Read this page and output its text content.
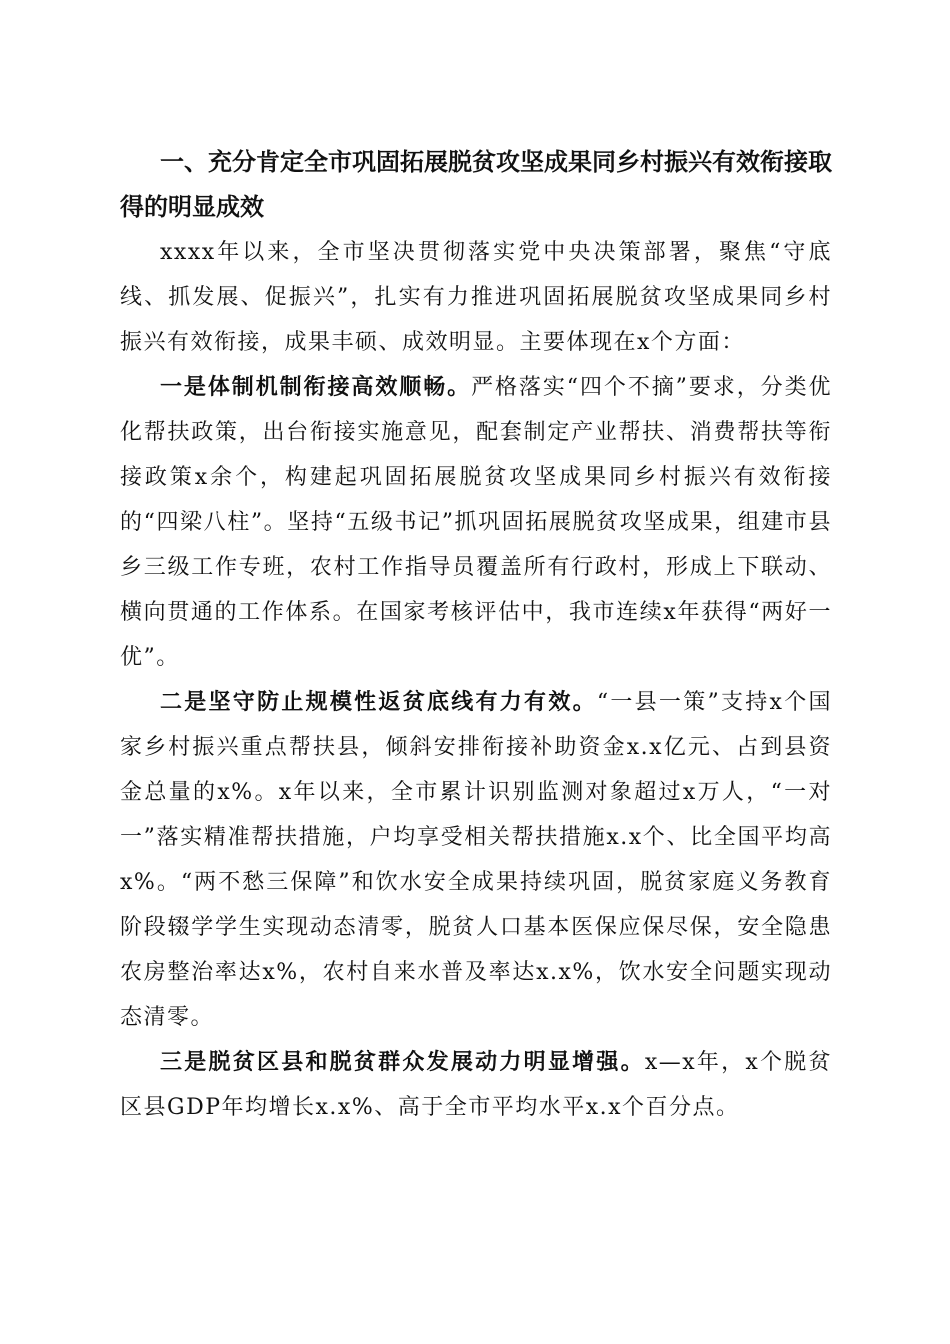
一、充分肯定全市巩固拓展脱贫攻坚成果同乡村振兴有效衔接取得的明显成效

xxxx年以来，全市坚决贯彻落实党中央决策部署，聚焦“守底线、抓发展、促振兴”，扎实有力推进巩固拓展脱贫攻坚成果同乡村振兴有效衔接，成果丰硕、成效明显。主要体现在x个方面：

一是体制机制衔接高效顺畅。严格落实“四个不摘”要求，分类优化帮扶政策，出台衔接实施意见，配套制定产业帮扶、消费帮扶等衔接政策x余个，构建起巩固拓展脱贫攻坚成果同乡村振兴有效衔接的“四梁八柱”。坚持“五级书记”抓巩固拓展脱贫攻坚成果，组建市县乡三级工作专班，农村工作指导员覆盖所有行政村，形成上下联动、横向贯通的工作体系。在国家考核评估中，我市连续x年获得“两好一优”。

二是坚守防止规模性返贫底线有力有效。“一县一策”支持x个国家乡村振兴重点帮扶县，倾斜安排衔接补助资金x.x亿元、占到县资金总量的x%。x年以来，全市累计识别监测对象超过x万人，“一对一”落实精准帮扶措施，户均享受相关帮扶措施x.x个、比全国平均高x%。“两不愁三保障”和饮水安全成果持续巩固，脱贫家庭义务教育阶段辍学学生实现动态清零，脱贫人口基本医保应保尽保，安全隐患农房整治率达x%，农村自来水普及率达x.x%，饮水安全问题实现动态清零。

三是脱贫区县和脱贫群众发展动力明显增强。x—x年，x个脱贫区县GDP年均增长x.x%、高于全市平均水平x.x个百分点。
